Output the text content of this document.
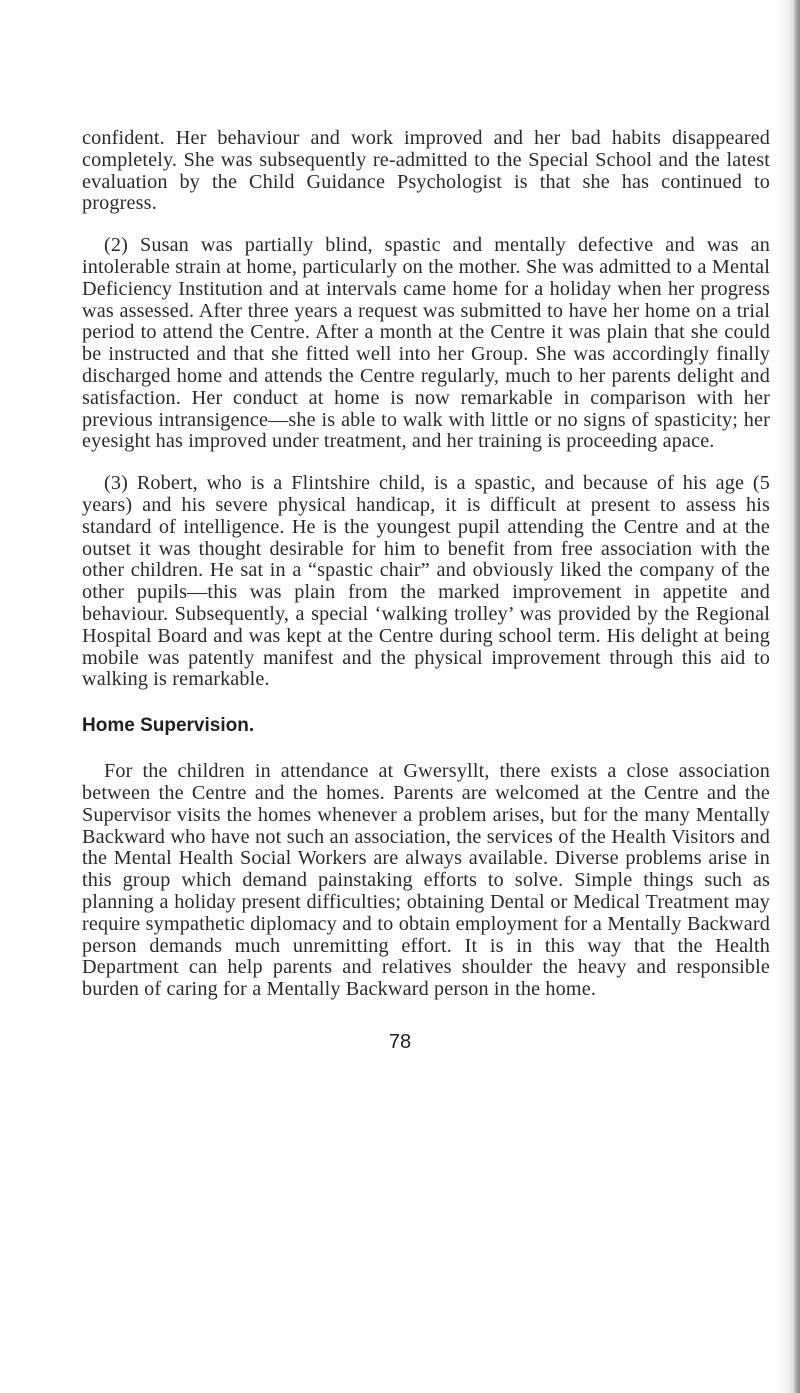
confident. Her behaviour and work improved and her bad habits disappeared completely. She was subsequently re-admitted to the Special School and the latest evaluation by the Child Guidance Psychologist is that she has continued to progress.

(2) Susan was partially blind, spastic and mentally defective and was an intolerable strain at home, particularly on the mother. She was admitted to a Mental Deficiency Institution and at intervals came home for a holiday when her progress was assessed. After three years a request was submitted to have her home on a trial period to attend the Centre. After a month at the Centre it was plain that she could be instructed and that she fitted well into her Group. She was accordingly finally discharged home and attends the Centre regularly, much to her parents delight and satisfaction. Her conduct at home is now remarkable in comparison with her previous intransigence—she is able to walk with little or no signs of spasticity; her eyesight has improved under treatment, and her training is proceeding apace.

(3) Robert, who is a Flintshire child, is a spastic, and because of his age (5 years) and his severe physical handicap, it is difficult at present to assess his standard of intelligence. He is the youngest pupil attending the Centre and at the outset it was thought desirable for him to benefit from free association with the other children. He sat in a “spastic chair” and obviously liked the company of the other pupils—this was plain from the marked improvement in appetite and behaviour. Subsequently, a special ‘walking trolley’ was provided by the Regional Hospital Board and was kept at the Centre during school term. His delight at being mobile was patently manifest and the physical improvement through this aid to walking is remarkable.

Home Supervision.

For the children in attendance at Gwersyllt, there exists a close association between the Centre and the homes. Parents are welcomed at the Centre and the Supervisor visits the homes whenever a problem arises, but for the many Mentally Backward who have not such an association, the services of the Health Visitors and the Mental Health Social Workers are always available. Diverse problems arise in this group which demand painstaking efforts to solve. Simple things such as planning a holiday present difficulties; obtaining Dental or Medical Treatment may require sympathetic diplomacy and to obtain employment for a Mentally Backward person demands much unremitting effort. It is in this way that the Health Department can help parents and relatives shoulder the heavy and responsible burden of caring for a Mentally Backward person in the home.

78
